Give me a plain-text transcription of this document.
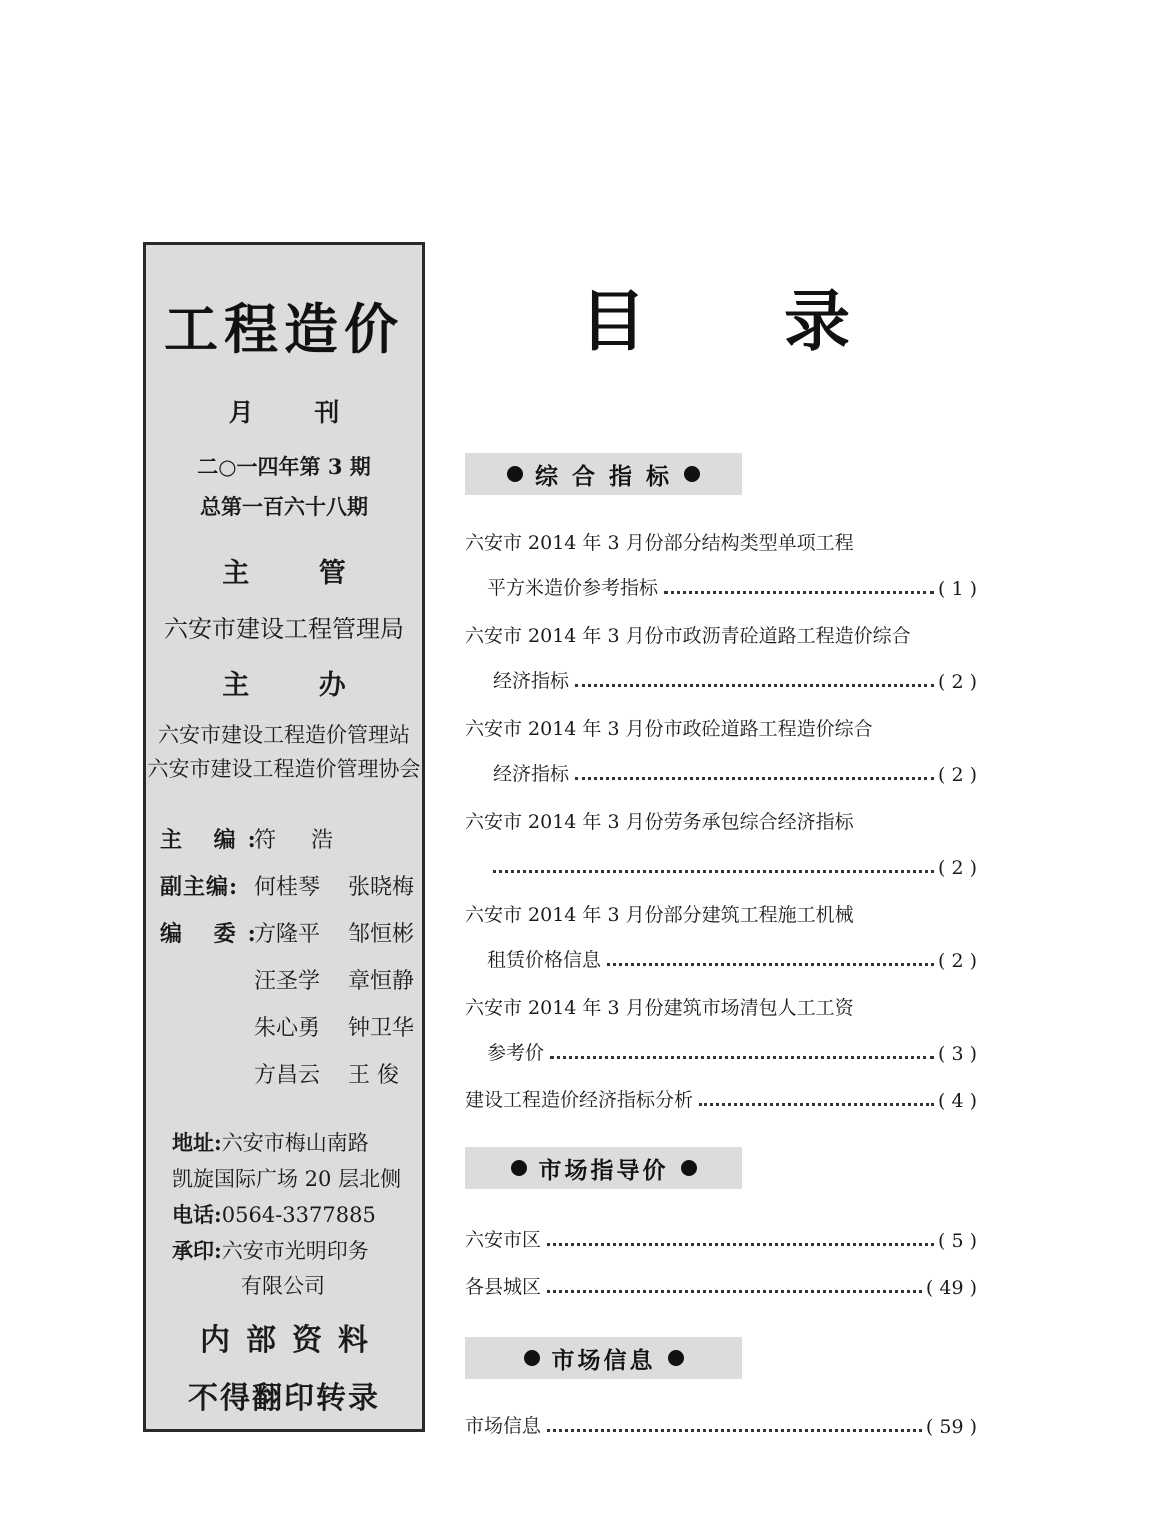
工程造价
月 刊
二○一四年第 3 期
总第一百六十八期
主 管
六安市建设工程管理局
主 办
六安市建设工程造价管理站
六安市建设工程造价管理协会
主 编:符 浩
副主编: 何桂琴 张晓梅
编 委:方隆平 邹恒彬
汪圣学 章恒静
朱心勇 钟卫华
方昌云 王 俊
地址:六安市梅山南路
凯旋国际广场 20 层北侧
电话:0564-3377885
承印:六安市光明印务
有限公司
内部资料
不得翻印转录
目 录
综 合 指 标
六安市 2014 年 3 月份部分结构类型单项工程
平方米造价参考指标	( 1 )
六安市 2014 年 3 月份市政沥青砼道路工程造价综合
经济指标	( 2 )
六安市 2014 年 3 月份市政砼道路工程造价综合
经济指标	( 2 )
六安市 2014 年 3 月份劳务承包综合经济指标
( 2 )
六安市 2014 年 3 月份部分建筑工程施工机械
租赁价格信息	( 2 )
六安市 2014 年 3 月份建筑市场清包人工工资
参考价	( 3 )
建设工程造价经济指标分析	( 4 )
市场指导价
六安市区	( 5 )
各县城区	( 49 )
市场信息
市场信息	( 59 )
